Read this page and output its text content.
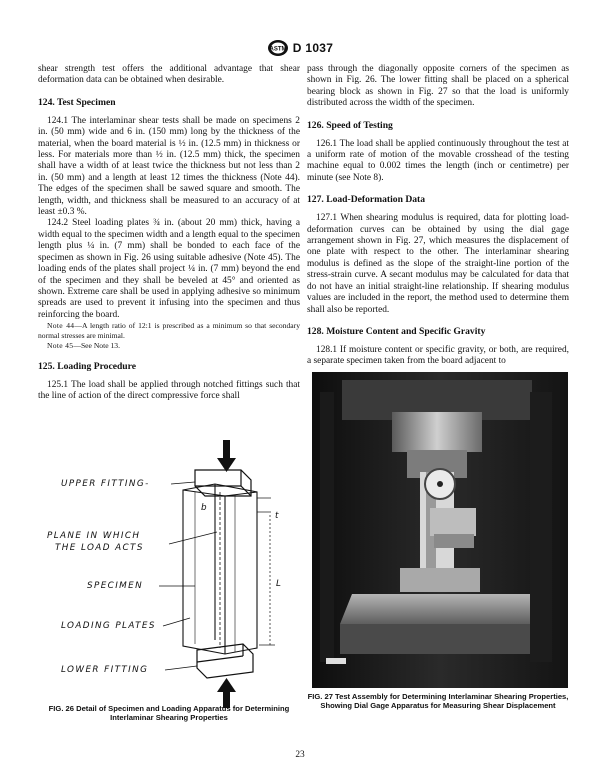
ASTM D 1037

shear strength test offers the additional advantage that shear deformation data can be obtained when desirable.

124. Test Specimen

124.1 The interlaminar shear tests shall be made on specimens 2 in. (50 mm) wide and 6 in. (150 mm) long by the thickness of the material, when the board material is ½ in. (12.5 mm) in thickness or less. For materials more than ½ in. (12.5 mm) thick, the specimen shall have a width of at least twice the thickness but not less than 2 in. (50 mm) and a length at least 12 times the thickness (Note 44). The edges of the specimen shall be sawed square and smooth. The length, width, and thickness shall be measured to an accuracy of at least ±0.3 %.

124.2 Steel loading plates ¾ in. (about 20 mm) thick, having a width equal to the specimen width and a length equal to the specimen length plus ¼ in. (7 mm) shall be bonded to each face of the specimen as shown in Fig. 26 using suitable adhesive (Note 45). The loading ends of the plates shall project ¼ in. (7 mm) beyond the end of the specimen and they shall be beveled at 45° and oriented as shown. Extreme care shall be used in applying adhesive so minimum spreads are used to prevent it infusing into the specimen and thus reinforcing the board.

Note 44—A length ratio of 12:1 is prescribed as a minimum so that secondary normal stresses are minimal.

Note 45—See Note 13.

125. Loading Procedure

125.1 The load shall be applied through notched fittings such that the line of action of the direct compressive force shall

pass through the diagonally opposite corners of the specimen as shown in Fig. 26. The lower fitting shall be placed on a spherical bearing block as shown in Fig. 27 so that the load is uniformly distributed across the width of the specimen.

126. Speed of Testing

126.1 The load shall be applied continuously throughout the test at a uniform rate of motion of the movable crosshead of the testing machine equal to 0.002 times the length (inch or centimetre) per minute (see Note 8).

127. Load-Deformation Data

127.1 When shearing modulus is required, data for plotting load-deformation curves can be obtained by using the dial gage arrangement shown in Fig. 27, which measures the displacement of one plate with respect to the other. The interlaminar shearing modulus is defined as the slope of the straight-line portion of the stress-strain curve. A secant modulus may be calculated for data that do not have an initial straight-line relationship. If shearing modulus values are included in the report, the method used to determine them shall also be reported.

128. Moisture Content and Specific Gravity

128.1 If moisture content or specific gravity, or both, are required, a separate specimen taken from the board adjacent to

UPPER FITTING-
PLANE IN WHICH
THE LOAD ACTS
SPECIMEN
LOADING PLATES
LOWER FITTING
b
t
L
FIG. 26 Detail of Specimen and Loading Apparatus for Determining Interlaminar Shearing Properties
FIG. 27 Test Assembly for Determining Interlaminar Shearing Properties, Showing Dial Gage Apparatus for Measuring Shear Displacement
23
